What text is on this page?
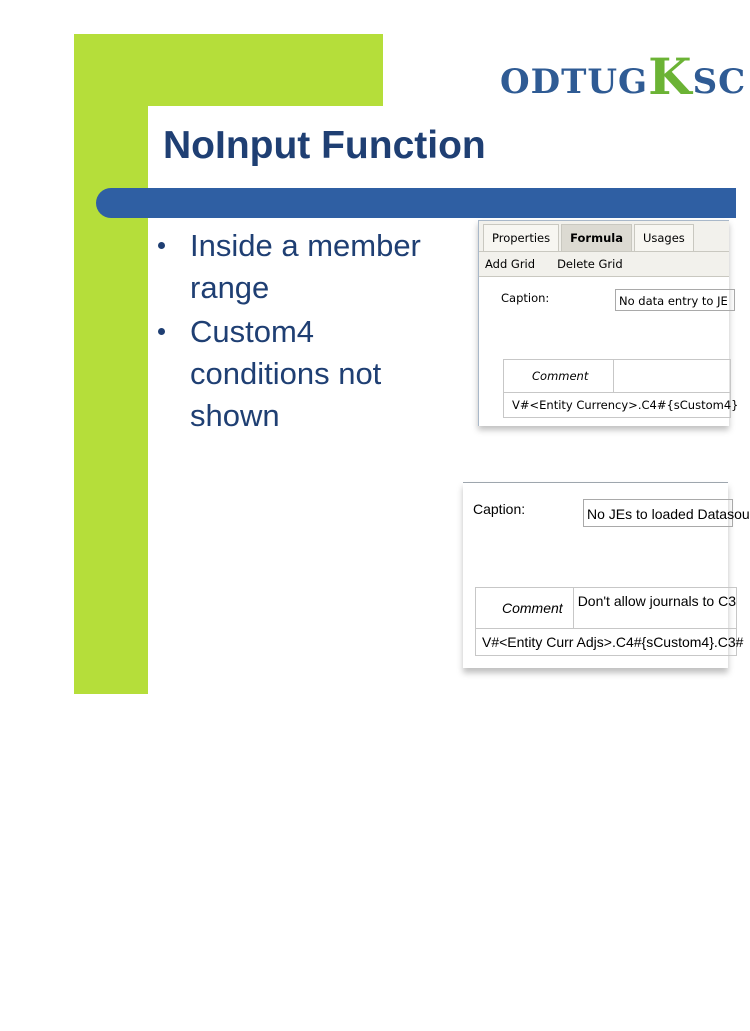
ODTUG K SC
NoInput Function
Inside a member range
Custom4 conditions not shown
Properties	Formula	Usages
Add Grid Delete Grid
Caption:	No data entry to JE
Comment
V#<Entity Currency>.C4#{sCustom4}
Caption:	No JEs to loaded Datasou
Comment	Don't allow journals to C3
V#<Entity Curr Adjs>.C4#{sCustom4}.C3#
